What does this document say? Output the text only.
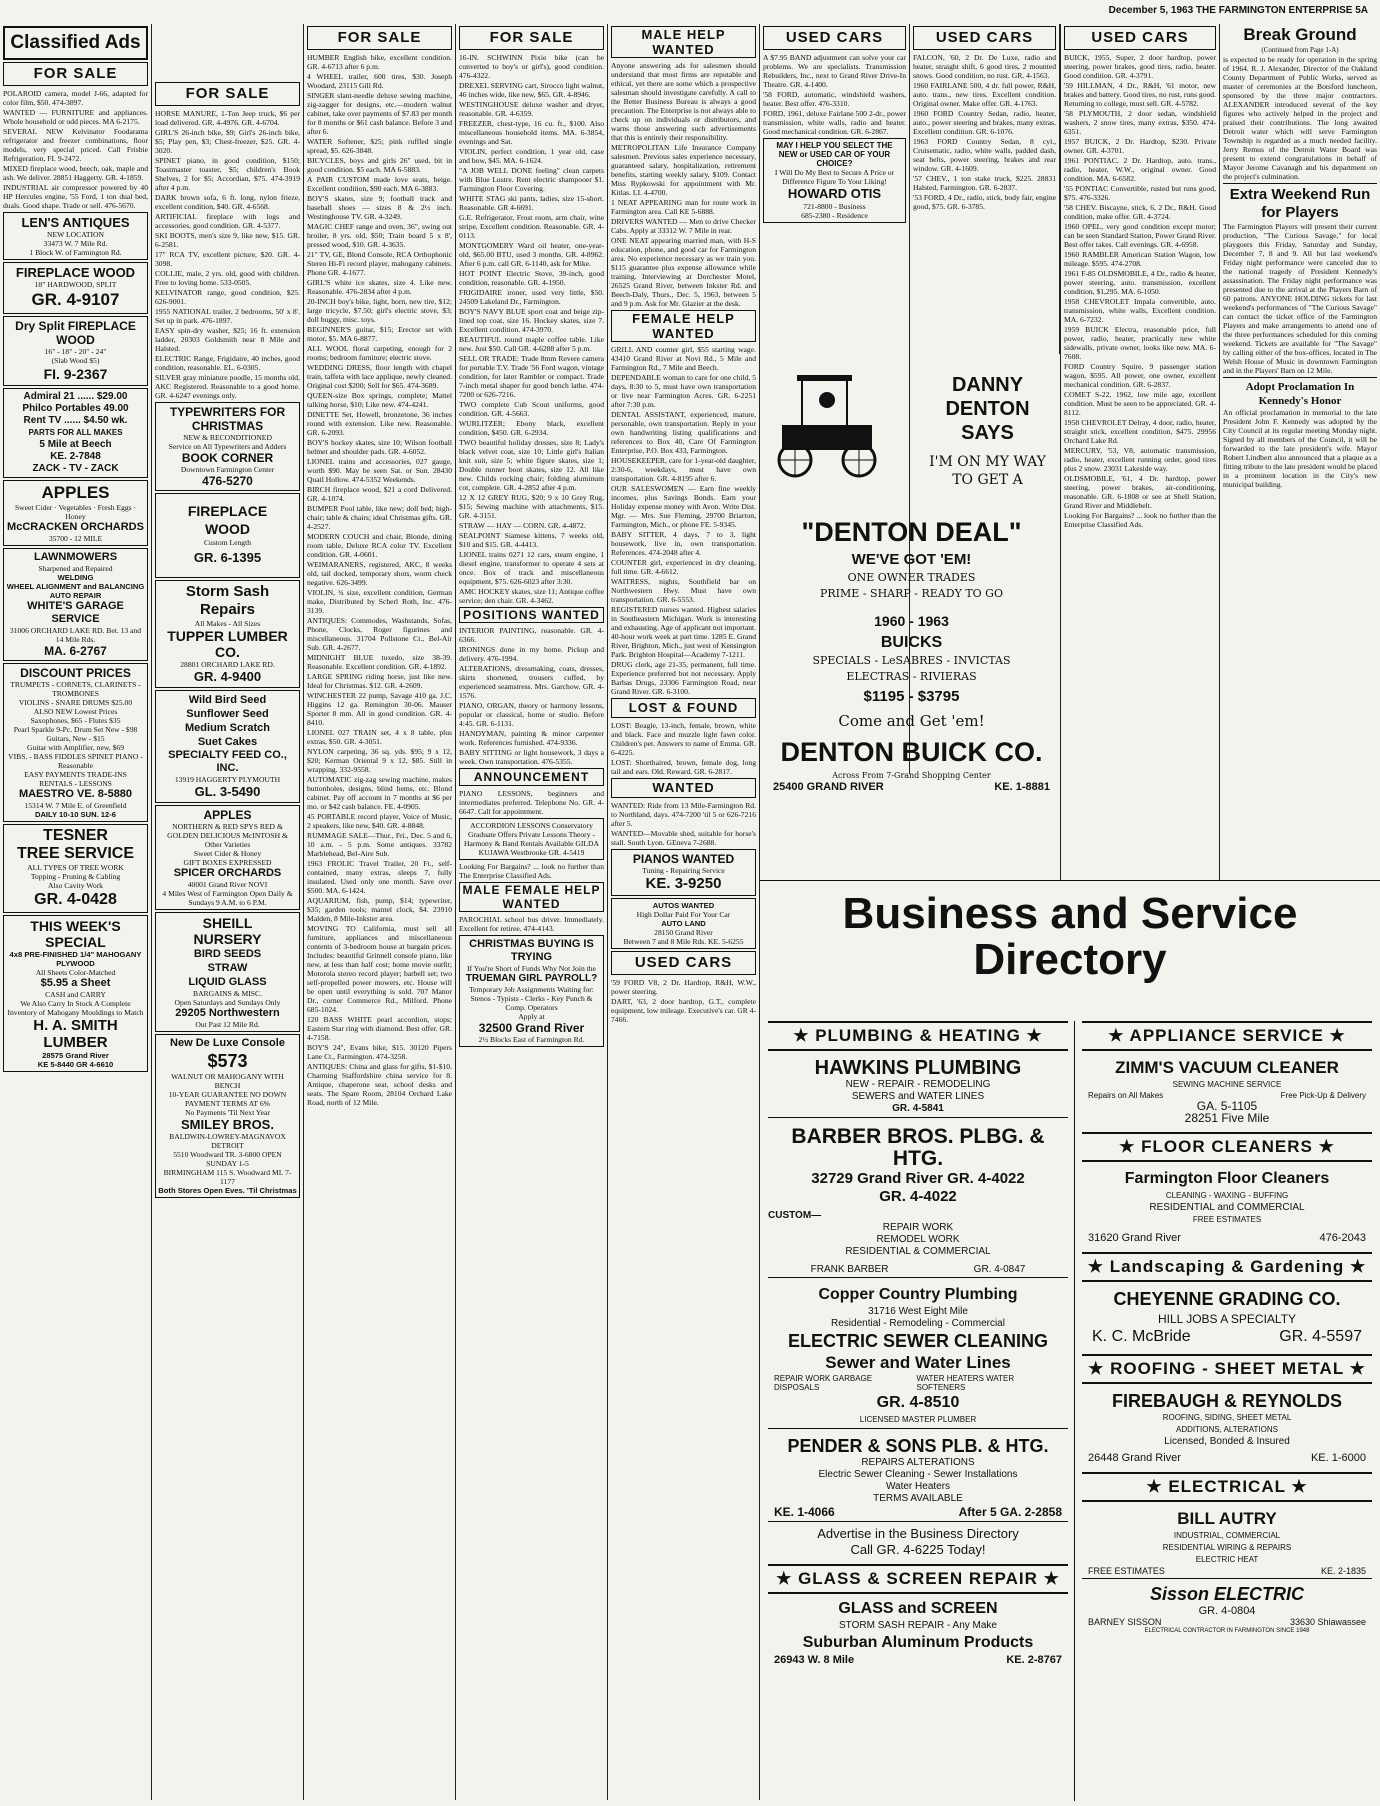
December 5, 1963 THE FARMINGTON ENTERPRISE 5A
Classified Ads
FOR SALE
POLAROID camera, model J-66, adapted for color film, $50. 474-3897.
WANTED — FURNITURE and appliances. Whole household or odd pieces. MA 6-2175.
SEVERAL NEW Kelvinator Foodarama refrigerator and freezer combinations, floor models, very special priced. Call Frisbie Refrigeration, FI. 9-2472.
MIXED fireplace wood, beech, oak, maple and ash. We deliver. 28851 Haggerty. GR. 4-1859.
INDUSTRIAL air compressor powered by 40 HP Hercules engine, '55 Ford, 1 ton dual bed, duals. Good shape. Trade or sell. 476-5670.
LEN'S ANTIQUES
NEW LOCATION
33473 W. 7 Mile Rd.
1 Block W. of Farmington Rd.
FIREPLACE WOOD
18" HARDWOOD, SPLIT
GR. 4-9107
Dry Split FIREPLACE WOOD
16" - 18" - 20" - 24"
(Slab Wood $5)
FI. 9-2367
Admiral 21 ...... $29.00
Philco Portables 49.00
Rent TV ...... $4.50 wk.
PARTS FOR ALL MAKES
5 Mile at Beech
KE. 2-7848
ZACK - TV - ZACK
APPLES
Sweet Cider · Vegetables · Fresh Eggs · Honey
McCRACKEN ORCHARDS
35700 - 12 MILE
LAWNMOWERS
Sharpened and Repaired
WELDING
WHEEL ALIGNMENT and BALANCING
AUTO REPAIR
WHITE'S GARAGE SERVICE
31006 ORCHARD LAKE RD. Bet. 13 and 14 Mile Rds.
MA. 6-2767
DISCOUNT PRICES
TRUMPETS - CORNETS, CLARINETS - TROMBONES
VIOLINS - SNARE DRUMS $25.00
ALSO NEW Lowest Prices
Saxophones, $65 - Flutes $35
Pearl Sparkle 9-Pc. Drum Set New - $98
Guitars, New - $15
Guitar with Amplifier, new, $69
VIBS. - BASS FIDDLES SPINET PIANO - Reasonable
EASY PAYMENTS TRADE-INS
RENTALS - LESSONS
MAESTRO VE. 8-5880
15314 W. 7 Mile E. of Greenfield
DAILY 10-10 SUN. 12-6
TESNER
TREE SERVICE
ALL TYPES OF TREE WORK
Topping - Pruning & Cabling
Also Cavity Work
GR. 4-0428
THIS WEEK'S SPECIAL
4x8 PRE-FINISHED 1/4" MAHOGANY PLYWOOD
All Sheets Color-Matched
$5.95 a Sheet
CASH and CARRY
We Also Carry In Stock A Complete Inventory of Mahogany Mouldings to Match
H. A. SMITH LUMBER
28575 Grand River
KE 5-8440 GR 4-6610
FOR SALE
HORSE MANURE, 1-Ton Jeep truck, $6 per load delivered. GR. 4-4976. GR. 4-6704.
GIRL'S 26-inch bike, $9; Girl's 26-inch bike, $5; Play pen, $3; Chest-freezer, $25. GR. 4-3020.
SPINET piano, in good condition, $150; Toastmaster toaster, $5; children's Book Shelves, 2 for $5; Accordian, $75. 474-3919 after 4 p.m.
DARK brown sofa, 6 ft. long, nylon frieze, excellent condition, $40. GR. 4-6568.
ARTIFICIAL fireplace with logs and accessories, good condition. GR. 4-5377.
SKI BOOTS, men's size 9, like new, $15. GR. 6-2581.
17" RCA TV, excellent picture, $20. GR. 4-3098.
COLLIE, male, 2 yrs. old, good with children. Free to loving home. 533-0505.
KELVINATOR range, good condition, $25. 626-9001.
1955 NATIONAL trailer, 2 bedrooms, 50' x 8'. Set up in park. 476-1897.
EASY spin-dry washer, $25; 16 ft. extension ladder, 20303 Goldsmith near 8 Mile and Halsted.
ELECTRIC Range, Frigidaire, 40 inches, good condition, reasonable. EL. 6-0305.
SILVER gray miniature poodle, 15 months old, AKC Registered. Reasonable to a good home. GR. 4-6247 evenings only.
TYPEWRITERS FOR CHRISTMAS
NEW & RECONDITIONED
Service on All Typewriters and Adders
BOOK CORNER
Downtown Farmington Center
476-5270
FIREPLACE
WOOD
Custom Length
GR. 6-1395
Storm Sash
Repairs
All Makes - All Sizes
TUPPER LUMBER CO.
28801 ORCHARD LAKE RD.
GR. 4-9400
Wild Bird Seed
Sunflower Seed
Medium Scratch
Suet Cakes
SPECIALTY FEED CO., INC.
13919 HAGGERTY PLYMOUTH
GL. 3-5490
APPLES
NORTHERN & RED SPYS RED & GOLDEN DELICIOUS McINTOSH & Other Varieties
Sweet Cider & Honey
GIFT BOXES EXPRESSED
SPICER ORCHARDS
40001 Grand River NOVI
4 Miles West of Farmington Open Daily & Sundays 9 A.M. to 6 P.M.
SHEILL
NURSERY
BIRD SEEDS
STRAW
LIQUID GLASS
BARGAINS & MISC.
Open Saturdays and Sundays Only
29205 Northwestern
Out Past 12 Mile Rd.
New De Luxe Console
$573
WALNUT OR MAHOGANY WITH BENCH
10-YEAR GUARANTEE NO DOWN PAYMENT TERMS AT 6%
No Payments 'Til Next Year
SMILEY BROS.
BALDWIN-LOWREY-MAGNAVOX DETROIT
5510 Woodward TR. 3-6800 OPEN SUNDAY 1-5
BIRMINGHAM 115 S. Woodward MI. 7-1177
Both Stores Open Eves. 'Til Christmas
FOR SALE
HUMBER English bike, excellent condition. GR. 4-6713 after 6 p.m.
4 WHEEL trailer, 600 tires, $30. Joseph Woodard, 23115 Gill Rd.
SINGER slant-needle deluxe sewing machine, zig-zagger for designs, etc.—modern walnut cabinet, take over payments of $7.83 per month for 8 months or $61 cash balance. Before 3 and after 6.
WATER Softener, $25; pink ruffled single spread, $5. 626-3848.
BICYCLES, boys and girls 26" used, bit in good condition. $5 each. MA 6-5883.
A PAIR CUSTOM made love seats, beige. Excellent condition, $90 each. MA 6-3883.
BOY'S skates, size 9; football track and baseball shoes — sizes 8 & 2½ inch. Westinghouse TV. GR. 4-3249.
MAGIC CHEF range and oven, 36", swing out broiler, 8 yrs. old, $50; Train board 5 x 8', pressed wood, $10. GR. 4-3635.
21" TV, GE, Blond Console, RCA Orthophonic Stereo Hi-Fi record player, mahogany cabinets. Phone GR. 4-1677.
GIRL'S white ice skates, size 4. Like new. Reasonable. 476-2834 after 4 p.m.
20-INCH boy's bike, light, horn, new tire, $12; large tricycle, $7.50; girl's electric stove, $3; doll buggy, misc. toys.
BEGINNER'S guitar, $15; Erector set with motor, $5. MA 6-8877.
ALL WOOL floral carpeting, enough for 2 rooms; bedroom furniture; electric stove.
WEDDING DRESS, floor length with chapel train, taffeta with lace applique, newly cleaned. Original cost $200; Sell for $65. 474-3689.
QUEEN-size Box springs, complete; Mattel talking horse, $10; Like new. 474-4241.
DINETTE Set, Howell, bronzetone, 36 inches round with extension. Like new. Reasonable. GR. 6-2093.
BOY'S hockey skates, size 10; Wilson football helmet and shoulder pads. GR. 4-6052.
LIONEL trains and accessories, 027 gauge, worth $90. May be seen Sat. or Sun. 28430 Quail Hollow. 474-5352 Weekends.
BIRCH fireplace wood, $21 a cord Delivered. GR. 4-1074.
BUMPER Pool table, like new; doll bed; high-chair; table & chairs; ideal Christmas gifts. GR. 4-2527.
MODERN COUCH and chair, Blonde, dining room table, Deluxe RCA color TV. Excellent condition. GR. 4-0601.
WEIMARANERS, registered, AKC, 8 weeks old, tail docked, temporary shots, worm check negative. 626-3499.
VIOLIN, ¾ size, excellent condition, German make, Distributed by Scherl Roth, Inc. 476-3139.
ANTIQUES: Commodes, Washstands, Sofas, Phone, Clocks, Roger figurines and miscellaneous. 31704 Pollstone Ct., Bel-Air Sub. GR. 4-2677.
MIDNIGHT BLUE tuxedo, size 38-39. Reasonable. Excellent condition. GR. 4-1892.
LARGE SPRING riding horse, just like new. Ideal for Christmas. $12. GR. 4-2609.
WINCHESTER 22 pump, Savage 410 ga. J.C. Higgins 12 ga. Remington 30-06. Mauser Sporter 8 mm. All in good condition. GR. 4-8410.
LIONEL 027 TRAIN set, 4 x 8 table, plus extras, $50. GR. 4-3051.
NYLON carpeting, 36 sq. yds. $95; 9 x 12, $20; Kerman Oriental 9 x 12, $85. Still in wrapping. 332-9558.
AUTOMATIC zig-zag sewing machine, makes buttonholes, designs, blind hems, etc. Blond cabinet. Pay off account in 7 months at $6 per mo. or $42 cash balance. FE. 4-0905.
45 PORTABLE record player, Voice of Music, 2 speakers, like new, $40. GR. 4-8848.
RUMMAGE SALE—Thur., Fri., Dec. 5 and 6, 10 a.m. - 5 p.m. Some antiques. 33782 Marblehead, Bel-Aire Sub.
1963 FROLIC Travel Trailer, 20 Ft., self-contained, many extras, sleeps 7, fully insulated. Used only one month. Save over $500. MA. 6-1424.
AQUARIUM, fish, pump, $14; typewriter, $35; garden tools; mantel clock, $4. 23910 Malden, 8 Mile-Inkster area.
MOVING TO California, must sell all furniture, appliances and miscellaneous contents of 3-bedroom house at bargain prices. Includes: beautiful Grinnell console piano, like new, at less than half cost; home movie outfit; Motorola stereo record player; barbell set; two self-propelled power mowers, etc. House will be open until everything is sold. 707 Manor Dr., corner Commerce Rd., Milford. Phone 685-1024.
120 BASS WHITE pearl accordion, stops; Eastern Star ring with diamond. Best offer. GR. 4-7158.
BOY'S 24", Evans bike, $15. 30120 Pipers Lane Ct., Farmington. 474-3258.
ANTIQUES: China and glass for gifts, $1-$10. Charming Staffordshire china service for 8. Antique, chaperone seat, school desks and seats. The Spare Room, 28104 Orchard Lake Road, north of 12 Mile.
FOR SALE
16-IN. SCHWINN Pixie bike (can be converted to boy's or girl's), good condition. 476-4322.
DREXEL SERVING cart, Sirocco light walnut, 46 inches wide, like new, $65. GR. 4-8946.
WESTINGHOUSE deluxe washer and dryer, reasonable. GR. 4-6359.
FREEZER, chest-type, 16 cu. ft., $100. Also miscellaneous household items. MA. 6-3854, evenings and Sat.
VIOLIN, perfect condition, 1 year old, case and bow, $45. MA. 6-1624.
"A JOB WELL DONE feeling" clean carpets with Blue Lustre. Rent electric shampooer $1. Farmington Floor Covering.
WHITE STAG ski pants, ladies, size 15-short. Reasonable. GR 4-6691.
G.E. Refrigerator, Frost room, arm chair, wine stripe, Excellent condition. Reasonable. GR. 4-0113.
MONTGOMERY Ward oil heater, one-year-old, $65.00 BTU, used 3 months. GR. 4-8962. After 6 p.m. call GR. 6-1140, ask for Mike.
HOT POINT Electric Stove, 39-inch, good condition, reasonable. GR. 4-1950.
FRIGIDAIRE ironer, used very little, $50. 24509 Lakeland Dr., Farmington.
BOY'S NAVY BLUE sport coat and beige zip-lined top coat, size 16. Hockey skates, size 7. Excellent condition. 474-3970.
BEAUTIFUL round maple coffee table. Like new. Just $50. Call GR. 4-6288 after 5 p.m.
SELL OR TRADE: Trade 8mm Revere camera for portable T.V. Trade '56 Ford wagon, vintage condition, for later Rambler or compact. Trade 7-inch metal shaper for good bench lathe. 474-7200 or 626-7216.
TWO complete Cub Scout uniforms, good condition. GR. 4-5663.
WURLITZER; Ebony black, excellent condition, $450. GR. 6-2934.
TWO beautiful holiday dresses, size 8; Lady's black velvet coat, size 10; Little girl's Italian knit suit, size 5; white figure skates, size 1; Double runner boot skates, size 12. All like new. Childs rocking chair; folding aluminum cot, complete. GR. 4-2852 after 4 p.m.
12 X 12 GREY RUG, $20; 9 x 10 Grey Rug, $15; Sewing machine with attachments, $15. GR. 4-3151.
STRAW — HAY — CORN. GR. 4-4872.
SEALPOINT Siamese kittens, 7 weeks old, $10 and $15. GR. 4-4413.
LIONEL trains 0271 12 cars, steam engine, 1 diesel engine, transformer to operate 4 sets at once. Box of track and miscellaneous equipment, $75. 626-6023 after 3:30.
AMC HOCKEY skates, size 11; Antique coffee service; den chair. GR. 4-3462.
POSITIONS WANTED
INTERIOR PAINTING, reasonable. GR. 4-6366.
IRONINGS done in my home. Pickup and delivery. 476-1994.
ALTERATIONS, dressmaking, coats, dresses, skirts shortened, trousers cuffed, by experienced seamstress. Mrs. Garchow. GR. 4-1576.
PIANO, ORGAN, theory or harmony lessons, popular or classical, home or studio. Before 4:45. GR. 6-1131.
HANDYMAN, painting & minor carpenter work. References furnished. 474-9336.
BABY SITTING or light housework, 3 days a week. Own transportation. 476-5355.
ANNOUNCEMENT
PIANO LESSONS, beginners and intermediates preferred. Telephone No. GR. 4-6647. Call for appointment.
ACCORDION LESSONS Conservatory Graduate Offers Private Lessons Theory - Harmony & Band Rentals Available GILDA KUJAWA Westbrooke GR. 4-5419
Looking For Bargains? ... look no further than The Enterprise Classified Ads.
MALE FEMALE HELP WANTED
PAROCHIAL school bus driver. Immediately. Excellent for retiree. 474-4143.
CHRISTMAS BUYING IS TRYING
If You're Short of Funds Why Not Join the
TRUEMAN GIRL PAYROLL?
Temporary Job Assignments Waiting for:
Stenos - Typists - Clerks - Key Punch & Comp. Operators
Apply at
32500 Grand River
2½ Blocks East of Farmington Rd.
MALE HELP WANTED
Anyone answering ads for salesmen should understand that most firms are reputable and ethical, yet there are some which a prospective salesman should investigate carefully. A call to the Better Business Bureau is always a good precaution. The Enterprise is not always able to check up on individuals or distributors, and warns those answering such advertisements that this is entirely their responsibility.
METROPOLITAN Life Insurance Company salesmen. Previous sales experience necessary, guaranteed salary, hospitalization, retirement benefits, starting weekly salary, $109. Contact Miss Rypkowski for appointment with Mr. Kitlas. LI. 4-4700.
1 NEAT APPEARING man for route work in Farmington area. Call KE 5-6888.
DRIVERS WANTED — Men to drive Checker Cabs. Apply at 33312 W. 7 Mile in rear.
ONE NEAT appearing married man, with H-S education, phone, and good car for Farmington area. No experience necessary as we train you. $115 guarantee plus expense allowance while training. Interviewing at Dorchester Motel, 26525 Grand River, between Inkster Rd. and Beech-Daly, Thurs., Dec. 5, 1963, between 5 and 9 p.m. Ask for Mr. Glazier at the desk.
FEMALE HELP WANTED
GRILL AND counter girl, $55 starting wage. 43410 Grand River at Novi Rd., 5 Mile and Farmington Rd., 7 Mile and Beech.
DEPENDABLE woman to care for one child, 5 days, 8:30 to 5, must have own transportation or live near Farmington Acres. GR. 6-2251 after 7:30 p.m.
DENTAL ASSISTANT, experienced, mature, personable, own transportation. Reply in your own handwriting listing qualifications and references to Box 40, Care Of Farmington Enterprise, P.O. Box 433, Farmington.
HOUSEKEEPER, care for 1-year-old daughter, 2:30-6, weekdays, must have own transportation. GR. 4-8195 after 6.
OUR SALESWOMEN — Earn fine weekly incomes, plus Savings Bonds. Earn your Holiday expense money with Avon. Write Dist. Mgr. — Mrs. Sue Fleming, 29700 Briarton, Farmington, Mich., or phone FE. 5-9345.
BABY SITTER, 4 days, 7 to 3, light housework, live in, own transportation. References. 474-2048 after 4.
COUNTER girl, experienced in dry cleaning, full time. GR. 4-6612.
WAITRESS, nights, Southfield bar on Northwestern Hwy. Must have own transportation. GR. 6-5553.
REGISTERED nurses wanted. Highest salaries in Southeastern Michigan. Work is interesting and exhausting. Age of applicant not important. 40-hour work week at part time. 1285 E. Grand River, Brighton, Mich., just west of Kensington Park. Brighton Hospital—Academy 7-1211.
DRUG clerk, age 21-35, permanent, full time. Experience preferred but not necessary. Apply Barbas Drugs, 23306 Farmington Road, near Grand River. GR. 6-3100.
LOST & FOUND
LOST: Beagle, 13-inch, female, brown, white and black. Face and muzzle light fawn color. Children's pet. Answers to name of Emma. GR. 6-4225.
LOST: Shorthaired, brown, female dog, long tail and ears. Old. Reward. GR. 6-2817.
WANTED
WANTED: Ride from 13 Mile-Farmington Rd. to Northland, days. 474-7200 'til 5 or 626-7216 after 5.
WANTED—Movable shed, suitable for horse's stall. South Lyon. GEneva 7-2688.
PIANOS WANTED
Tuning - Repairing Service
KE. 3-9250
AUTOS WANTED
High Dollar Paid For Your Car
AUTO LAND
28150 Grand River
Between 7 and 8 Mile Rds. KE. 5-6255
USED CARS
'59 FORD V8, 2 Dr. Hardtop, R&H, W.W., power steering.
DART, '63, 2 door hardtop, G.T., complete equipment, low mileage. Executive's car. GR 4-7466.
USED CARS
A $7.95 BAND adjustment can solve your car problems. We are specialists. Transmission Rebuilders, Inc., next to Grand River Drive-In Theatre. GR. 4-1400.
'58 FORD, automatic, windshield washers, heater. Best offer. 476-3310.
FORD, 1961, deluxe Fairlane 500 2-dr., power transmission, white walls, radio and heater. Good mechanical condition. GR. 6-2867.
MAY I HELP YOU SELECT THE NEW or USED CAR OF YOUR CHOICE?
I Will Do My Best to Secure A Price or Difference Figure To Your Liking!
HOWARD OTIS
721-8800 - Business
685-2380 - Residence
USED CARS
FALCON, '60, 2 Dr. De Luxe, radio and heater, straight shift, 6 good tires, 2 mounted snows. Good condition, no rust. GR. 4-1563.
1960 FAIRLANE 500, 4 dr. full power, R&H, auto. trans., new tires. Excellent condition. Original owner. Make offer. GR. 4-1763.
1960 FORD Country Sedan, radio, heater, auto., power steering and brakes, many extras. Excellent condition. GR. 6-1076.
1963 FORD Country Sedan, 8 cyl., Cruisematic, radio, white walls, padded dash, seat belts, power steering, brakes and rear window. GR. 4-1609.
'57 CHEV., 1 ton stake truck, $225. 28831 Halsted, Farmington. GR. 6-2837.
'53 FORD, 4 Dr., radio, stick, body fair, engine good, $75. GR. 6-3785.
DANNY
DENTON
SAYS
I'M ON MY WAY TO GET A
"DENTON DEAL"
WE'VE GOT 'EM!
ONE OWNER TRADES
PRIME - SHARP - READY TO GO
1960 - 1963
BUICKS
SPECIALS - LeSABRES - INVICTAS
ELECTRAS - RIVIERAS
$1195 - $3795
Come and Get 'em!
DENTON BUICK CO.
Across From 7-Grand Shopping Center
25400 GRAND RIVER	KE. 1-8881
USED CARS
BUICK, 1955, Super, 2 door hardtop, power steering, power brakes, good tires, radio, heater. Good condition. GR. 4-3791.
'59 HILLMAN, 4 Dr., R&H, '61 motor, new brakes and battery. Good tires, no rust, runs good. Returning to college, must sell. GR. 4-5782.
'58 PLYMOUTH, 2 door sedan, windshield washers, 2 snow tires, many extras, $350. 474-6351.
1957 BUICK, 2 Dr. Hardtop, $230. Private owner. GR. 4-3701.
1961 PONTIAC, 2 Dr. Hardtop, auto. trans., radio, heater, W.W., original owner. Good condition. MA. 6-6582.
'55 PONTIAC Convertible, rusted but runs good, $75. 476-3326.
'58 CHEV. Biscayne, stick, 6, 2 Dr., R&H. Good condition, make offer. GR. 4-3724.
1960 OPEL, very good condition except motor; can be seen Standard Station, Power Grand River. Best offer takes. Call evenings. GR. 4-6958.
1960 RAMBLER American Station Wagon, low mileage. $595. 474-2708.
1961 F-85 OLDSMOBILE, 4 Dr., radio & heater, power steering, auto. transmission, excellent condition, $1,295. MA. 6-1050.
1958 CHEVROLET Impala convertible, auto. transmission, white walls, Excellent condition. MA. 6-7232.
1959 BUICK Electra, reasonable price, full power, radio, heater, practically new white sidewalls, private owner, looks like new. MA. 6-7608.
FORD Country Squire, 9 passenger station wagon, $595. All power, one owner, excellent mechanical condition. GR. 6-2837.
COMET S-22, 1962, low mile age, excellent condition. Must be seen to be appreciated. GR. 4-8112.
1958 CHEVROLET Delray, 4 door, radio, heater, straight stick, excellent condition, $475. 29956 Orchard Lake Rd.
MERCURY, '53, V8, automatic transmission, radio, heater, excellent running order, good tires plus 2 snow. 23031 Lakeside way.
OLDSMOBILE, '61, 4 Dr. hardtop, power steering, power brakes, air-conditioning, reasonable. GR. 6-1808 or see at Shell Station, Grand River and Middlebelt.
Looking For Bargains? ... look no further than the Enterprise Classified Ads.
Break Ground
(Continued from Page 1-A)
is expected to be ready for operation in the spring of 1964. R. J. Alexander, Director of the Oakland County Department of Public Works, served as master of ceremonies at the Botsford luncheon, sponsored by the three major contractors. ALEXANDER introduced several of the key figures who actively helped in the project and praised their contributions. The long awaited Detroit water which will serve Farmington Township is regarded as a much needed facility. Jerry Remus of the Detroit Water Board was present to extend congratulations in behalf of Mayor Jerome Cavanagh and his department on the project's culmination.
Extra Weekend Run for Players
The Farmington Players will present their current production, "The Curious Savage," for local playgoers this Friday, Saturday and Sunday, December 7, 8 and 9. All but last weekend's Friday night performance were canceled due to the national tragedy of President Kennedy's assassination. The Friday night performance was presented due to the arrival at the Players Barn of 60 patrons. ANYONE HOLDING tickets for last weekend's performances of "The Curious Savage" can contact the ticket office of the Farmington Players and make arrangements to attend one of the three performances scheduled for this coming weekend. Tickets are available for "The Savage" by calling either of the box-offices, located in The Welsh House of Music in downtown Farmington and in the Players' Barn on 12 Mile.
Adopt Proclamation In Kennedy's Honor
An official proclamation in memorial to the late President John F. Kennedy was adopted by the City Council at its regular meeting Monday night. Signed by all members of the Council, it will be forwarded to the late president's wife. Mayor Robert Lindbert also announced that a plaque as a fitting tribute to the late president would be placed in a prominent location in the City's new municipal building.
Business and Service Directory
★ PLUMBING & HEATING ★
HAWKINS PLUMBING
NEW - REPAIR - REMODELING
SEWERS and WATER LINES
GR. 4-5841
BARBER BROS. PLBG. & HTG.
32729 Grand River GR. 4-4022
GR. 4-4022
CUSTOM—
REPAIR WORK
REMODEL WORK
RESIDENTIAL & COMMERCIAL
FRANK BARBER	GR. 4-0847
Copper Country Plumbing
31716 West Eight Mile
Residential - Remodeling - Commercial
ELECTRIC SEWER CLEANING
Sewer and Water Lines
REPAIR WORK GARBAGE DISPOSALS
WATER HEATERS WATER SOFTENERS
GR. 4-8510
LICENSED MASTER PLUMBER
PENDER & SONS PLB. & HTG.
REPAIRS ALTERATIONS
Electric Sewer Cleaning - Sewer Installations
Water Heaters
TERMS AVAILABLE
KE. 1-4066	After 5 GA. 2-2858
Advertise in the Business Directory
Call GR. 4-6225 Today!
★ GLASS & SCREEN REPAIR ★
GLASS and SCREEN
STORM SASH REPAIR - Any Make
Suburban Aluminum Products
26943 W. 8 Mile	KE. 2-8767
★ APPLIANCE SERVICE ★
ZIMM'S VACUUM CLEANER
SEWING MACHINE SERVICE
Repairs on All Makes	Free Pick-Up & Delivery
GA. 5-1105
28251 Five Mile
★ FLOOR CLEANERS ★
Farmington Floor Cleaners
CLEANING - WAXING - BUFFING
RESIDENTIAL and COMMERCIAL
FREE ESTIMATES
31620 Grand River	476-2043
★ Landscaping & Gardening ★
CHEYENNE GRADING CO.
HILL JOBS A SPECIALTY
K. C. McBride	GR. 4-5597
★ ROOFING - SHEET METAL ★
FIREBAUGH & REYNOLDS
ROOFING, SIDING, SHEET METAL
ADDITIONS, ALTERATIONS
Licensed, Bonded & Insured
26448 Grand River	KE. 1-6000
★ ELECTRICAL ★
BILL AUTRY
INDUSTRIAL, COMMERCIAL
RESIDENTIAL WIRING & REPAIRS
ELECTRIC HEAT
FREE ESTIMATES	KE. 2-1835
Sisson ELECTRIC
GR. 4-0804
BARNEY SISSON	33630 Shiawassee
ELECTRICAL CONTRACTOR IN FARMINGTON SINCE 1948
